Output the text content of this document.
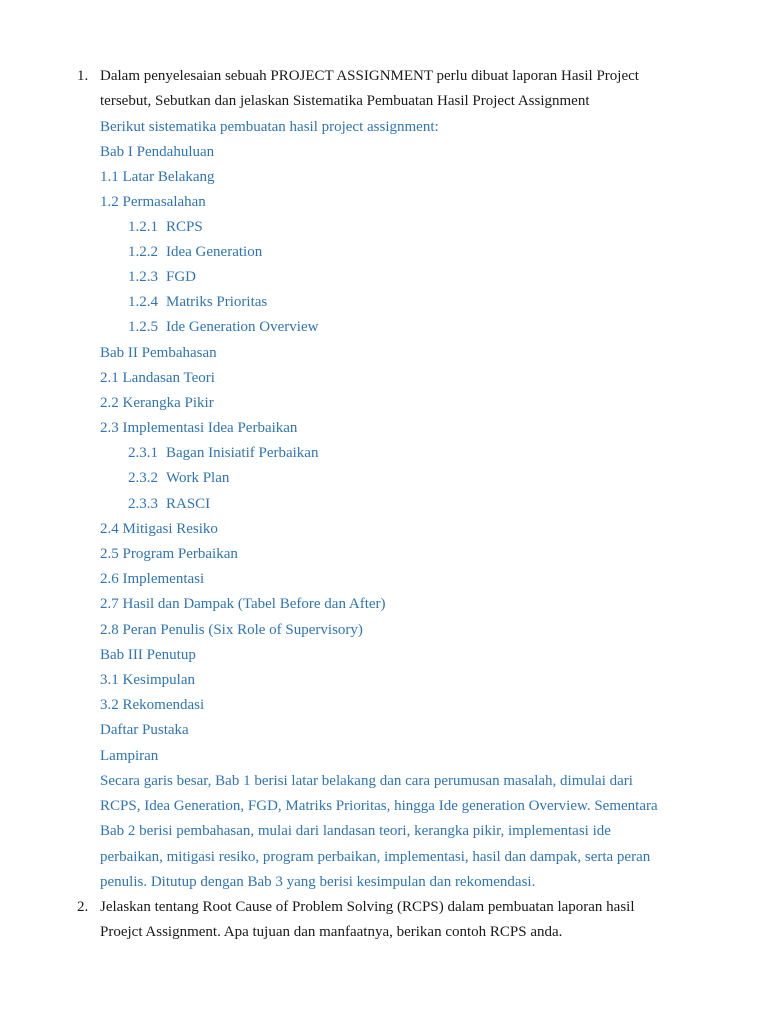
1. Dalam penyelesaian sebuah PROJECT ASSIGNMENT perlu dibuat laporan Hasil Project
tersebut, Sebutkan dan jelaskan Sistematika Pembuatan Hasil Project Assignment
Berikut sistematika pembuatan hasil project assignment:
Bab I Pendahuluan
1.1 Latar Belakang
1.2 Permasalahan
1.2.1 RCPS
1.2.2 Idea Generation
1.2.3 FGD
1.2.4 Matriks Prioritas
1.2.5 Ide Generation Overview
Bab II Pembahasan
2.1 Landasan Teori
2.2 Kerangka Pikir
2.3 Implementasi Idea Perbaikan
2.3.1 Bagan Inisiatif Perbaikan
2.3.2 Work Plan
2.3.3 RASCI
2.4 Mitigasi Resiko
2.5 Program Perbaikan
2.6 Implementasi
2.7 Hasil dan Dampak (Tabel Before dan After)
2.8 Peran Penulis (Six Role of Supervisory)
Bab III Penutup
3.1 Kesimpulan
3.2 Rekomendasi
Daftar Pustaka
Lampiran
Secara garis besar, Bab 1 berisi latar belakang dan cara perumusan masalah, dimulai dari
RCPS, Idea Generation, FGD, Matriks Prioritas, hingga Ide generation Overview. Sementara
Bab 2 berisi pembahasan, mulai dari landasan teori, kerangka pikir, implementasi ide
perbaikan, mitigasi resiko, program perbaikan, implementasi, hasil dan dampak, serta peran
penulis. Ditutup dengan Bab 3 yang berisi kesimpulan dan rekomendasi.
2. Jelaskan tentang Root Cause of Problem Solving (RCPS) dalam pembuatan laporan hasil
Proejct Assignment. Apa tujuan dan manfaatnya, berikan contoh RCPS anda.
